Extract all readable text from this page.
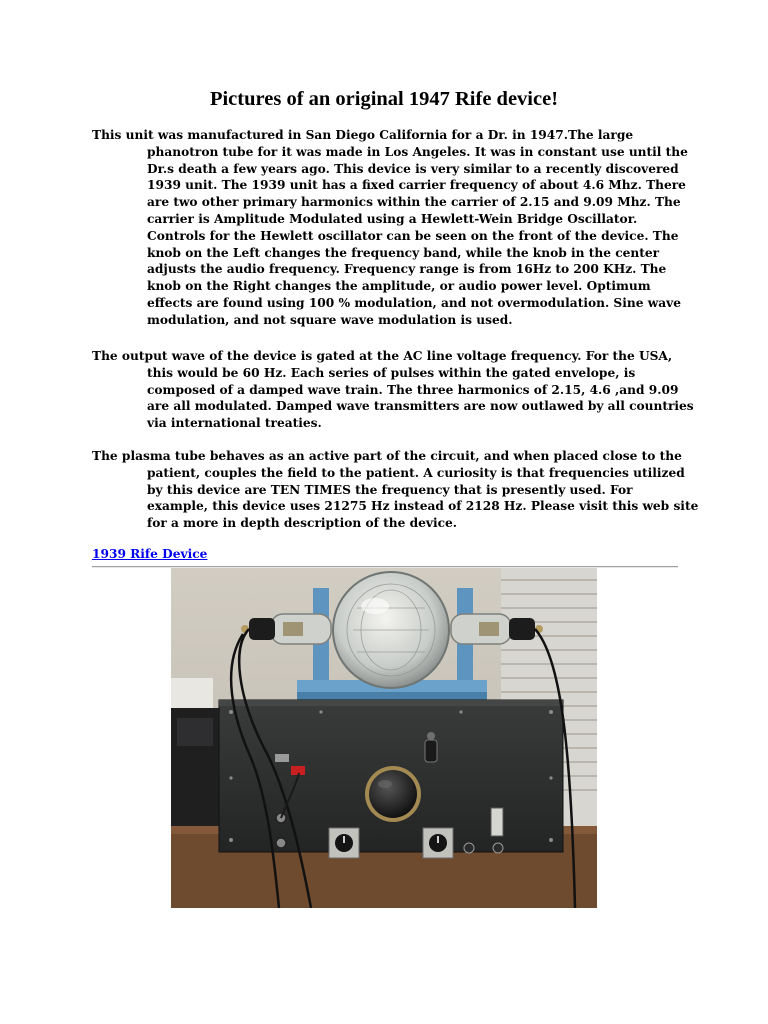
Pictures of an original 1947 Rife device!
This unit was manufactured in San Diego California for a Dr. in 1947.The large
phanotron tube for it was made in Los Angeles. It was in constant use until the
Dr.s death a few years ago. This device is very similar to a recently discovered
1939 unit. The 1939 unit has a fixed carrier frequency of about 4.6 Mhz. There
are two other primary harmonics within the carrier of 2.15 and 9.09 Mhz. The
carrier is Amplitude Modulated using a Hewlett-Wein Bridge Oscillator.
Controls for the Hewlett oscillator can be seen on the front of the device. The
knob on the Left changes the frequency band, while the knob in the center
adjusts the audio frequency. Frequency range is from 16Hz to 200 KHz. The
knob on the Right changes the amplitude, or audio power level. Optimum
effects are found using 100 % modulation, and not overmodulation. Sine wave
modulation, and not square wave modulation is used.
The output wave of the device is gated at the AC line voltage frequency. For the USA,
this would be 60 Hz. Each series of pulses within the gated envelope, is
composed of a damped wave train. The three harmonics of 2.15, 4.6 ,and 9.09
are all modulated. Damped wave transmitters are now outlawed by all countries
via international treaties.
The plasma tube behaves as an active part of the circuit, and when placed close to the
patient, couples the field to the patient. A curiosity is that frequencies utilized
by this device are TEN TIMES the frequency that is presently used. For
example, this device uses 21275 Hz instead of 2128 Hz. Please visit this web site
for a more in depth description of the device.
1939 Rife Device
